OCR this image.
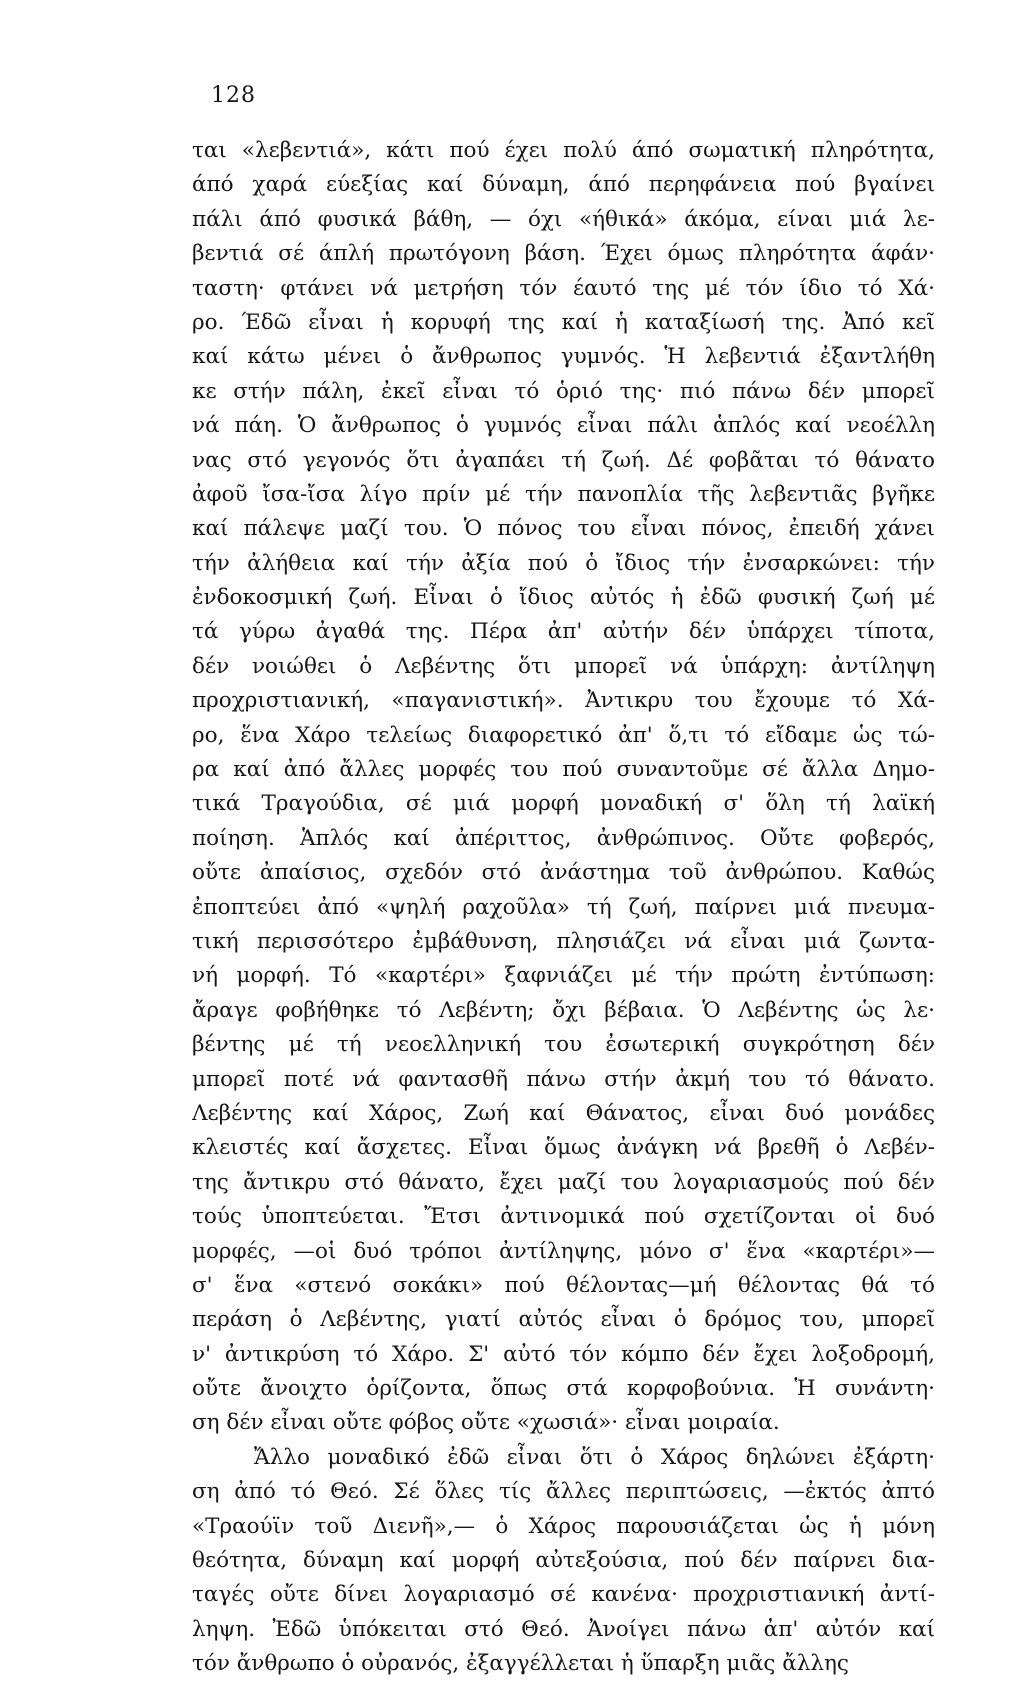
128
ται «λεβεντιά», κάτι πού έχει πολύ άπό σωματική πληρότητα,
άπό χαρά εύεξίας καί δύναμη, άπό περηφάνεια πού βγαίνει
πάλι άπό φυσικά βάθη, — όχι «ήθικά» άκόμα, είναι μιά λε-
βεντιά σέ άπλή πρωτόγονη βάση. Έχει όμως πληρότητα άφάν·
ταστη· φτάνει νά μετρήση τόν έαυτό της μέ τόν ίδιο τό Χά·
ρο. Έδῶ εἶναι ἡ κορυφή της καί ἡ καταξίωσή της. Ἀπό κεῖ
καί κάτω μένει ὁ ἄνθρωπος γυμνός. Ἡ λεβεντιά ἐξαντλήθη
κε στήν πάλη, ἐκεῖ εἶναι τό ὁριό της· πιό πάνω δέν μπορεῖ
νά πάη. Ὁ ἄνθρωπος ὁ γυμνός εἶναι πάλι ἁπλός καί νεοέλλη
νας στό γεγονός ὅτι ἀγαπάει τή ζωή. Δέ φοβᾶται τό θάνατο
ἀφοῦ ἴσα-ἴσα λίγο πρίν μέ τήν πανοπλία τῆς λεβεντιᾶς βγῆκε
καί πάλεψε μαζί του. Ὁ πόνος του εἶναι πόνος, ἐπειδή χάνει
τήν ἀλήθεια καί τήν ἀξία πού ὁ ἴδιος τήν ἐνσαρκώνει: τήν
ἐνδοκοσμική ζωή. Εἶναι ὁ ἴδιος αὐτός ἡ ἐδῶ φυσική ζωή μέ
τά γύρω ἀγαθά της. Πέρα ἀπ' αὐτήν δέν ὑπάρχει τίποτα,
δέν νοιώθει ὁ Λεβέντης ὅτι μπορεῖ νά ὑπάρχη: ἀντίληψη
προχριστιανική, «παγανιστική». Ἀντικρυ του ἔχουμε τό Χά-
ρο, ἕνα Χάρο τελείως διαφορετικό ἀπ' ὅ,τι τό εἴδαμε ὡς τώ-
ρα καί ἀπό ἄλλες μορφές του πού συναντοῦμε σέ ἄλλα Δημο-
τικά Τραγούδια, σέ μιά μορφή μοναδική σ' ὅλη τή λαϊκή
ποίηση. Ἁπλός καί ἀπέριττος, ἀνθρώπινος. Οὔτε φοβερός,
οὔτε ἀπαίσιος, σχεδόν στό ἀνάστημα τοῦ ἀνθρώπου. Καθώς
ἐποπτεύει ἀπό «ψηλή ραχοῦλα» τή ζωή, παίρνει μιά πνευμα-
τική περισσότερο ἐμβάθυνση, πλησιάζει νά εἶναι μιά ζωντα-
νή μορφή. Τό «καρτέρι» ξαφνιάζει μέ τήν πρώτη ἐντύπωση:
ἄραγε φοβήθηκε τό Λεβέντη; ὄχι βέβαια. Ὁ Λεβέντης ὡς λε·
βέντης μέ τή νεοελληνική του ἐσωτερική συγκρότηση δέν
μπορεῖ ποτέ νά φαντασθῆ πάνω στήν ἀκμή του τό θάνατο.
Λεβέντης καί Χάρος, Ζωή καί Θάνατος, εἶναι δυό μονάδες
κλειστές καί ἄσχετες. Εἶναι ὅμως ἀνάγκη νά βρεθῆ ὁ Λεβέν-
της ἄντικρυ στό θάνατο, ἔχει μαζί του λογαριασμούς πού δέν
τούς ὑποπτεύεται. Ἔτσι ἀντινομικά πού σχετίζονται οἱ δυό
μορφές, —οἱ δυό τρόποι ἀντίληψης, μόνο σ' ἕνα «καρτέρι»—
σ' ἕνα «στενό σοκάκι» πού θέλοντας—μή θέλοντας θά τό
περάση ὁ Λεβέντης, γιατί αὐτός εἶναι ὁ δρόμος του, μπορεῖ
ν' ἀντικρύση τό Χάρο. Σ' αὐτό τόν κόμπο δέν ἔχει λοξοδρομή,
οὔτε ἄνοιχτο ὁρίζοντα, ὅπως στά κορφοβούνια. Ἡ συνάντη·
ση δέν εἶναι οὔτε φόβος οὔτε «χωσιά»· εἶναι μοιραία.
Ἄλλο μοναδικό ἐδῶ εἶναι ὅτι ὁ Χάρος δηλώνει ἐξάρτη·
ση ἀπό τό Θεό. Σέ ὅλες τίς ἄλλες περιπτώσεις, —ἐκτός ἀπτό
«Τραούϊν τοῦ Διενῆ»,— ὁ Χάρος παρουσιάζεται ὡς ἡ μόνη
θεότητα, δύναμη καί μορφή αὐτεξούσια, πού δέν παίρνει δια-
ταγές οὔτε δίνει λογαριασμό σέ κανένα· προχριστιανική ἀντί-
ληψη. Ἐδῶ ὑπόκειται στό Θεό. Ἀνοίγει πάνω ἀπ' αὐτόν καί
τόν ἄνθρωπο ὁ οὐρανός, ἐξαγγέλλεται ἡ ὕπαρξη μιᾶς ἄλλης
